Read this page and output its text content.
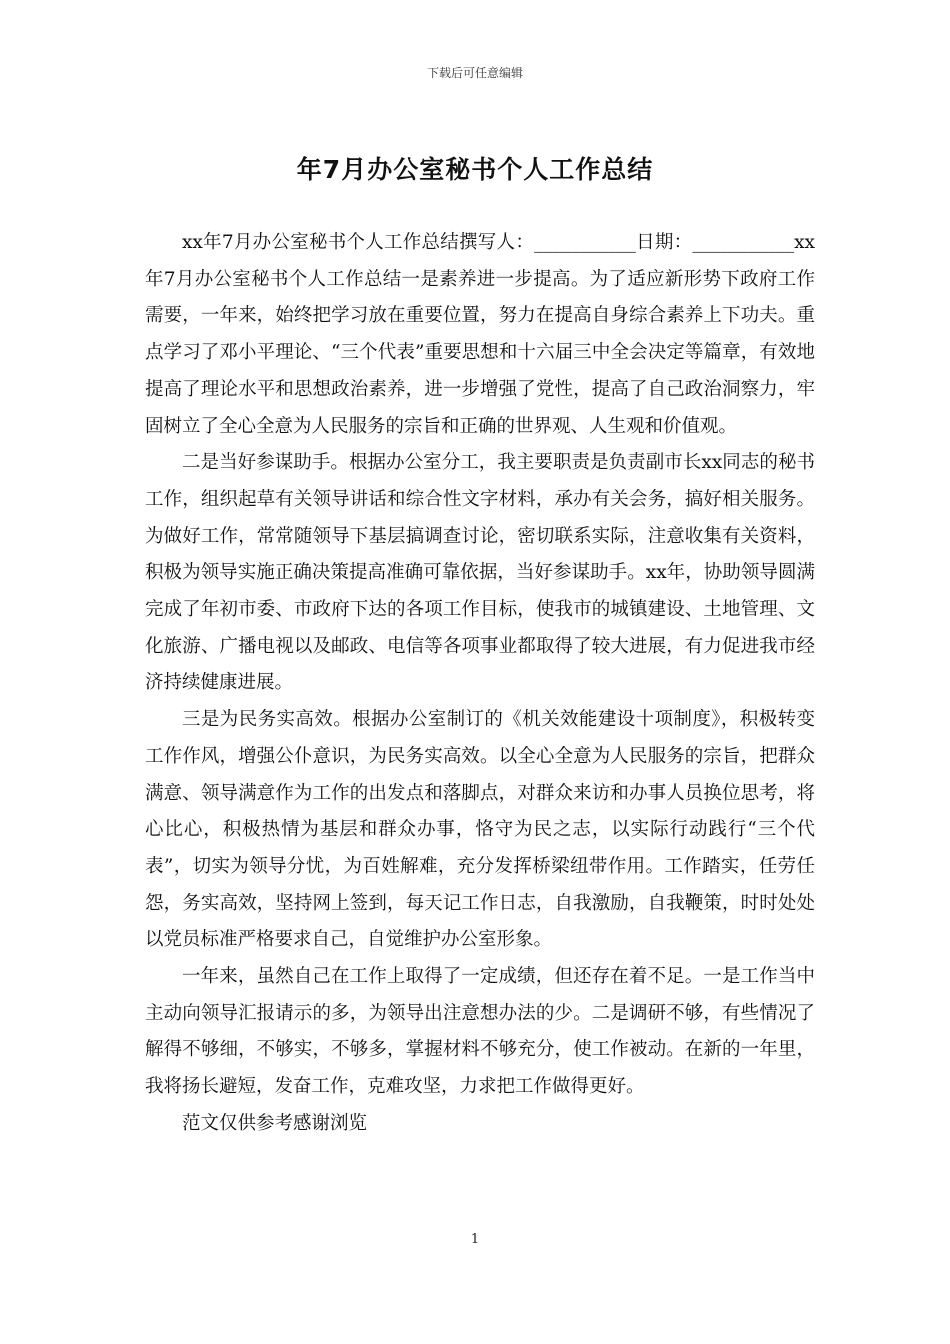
下载后可任意编辑
年7月办公室秘书个人工作总结

xx年7月办公室秘书个人工作总结撰写人：___________日期：___________xx年7月办公室秘书个人工作总结一是素养进一步提高。为了适应新形势下政府工作需要，一年来，始终把学习放在重要位置，努力在提高自身综合素养上下功夫。重点学习了邓小平理论、“三个代表”重要思想和十六届三中全会决定等篇章，有效地提高了理论水平和思想政治素养，进一步增强了党性，提高了自己政治洞察力，牢固树立了全心全意为人民服务的宗旨和正确的世界观、人生观和价值观。

二是当好参谋助手。根据办公室分工，我主要职责是负责副市长xx同志的秘书工作，组织起草有关领导讲话和综合性文字材料，承办有关会务，搞好相关服务。为做好工作，常常随领导下基层搞调查讨论，密切联系实际，注意收集有关资料，积极为领导实施正确决策提高准确可靠依据，当好参谋助手。xx年，协助领导圆满完成了年初市委、市政府下达的各项工作目标，使我市的城镇建设、土地管理、文化旅游、广播电视以及邮政、电信等各项事业都取得了较大进展，有力促进我市经济持续健康进展。

三是为民务实高效。根据办公室制订的《机关效能建设十项制度》，积极转变工作作风，增强公仆意识，为民务实高效。以全心全意为人民服务的宗旨，把群众满意、领导满意作为工作的出发点和落脚点，对群众来访和办事人员换位思考，将心比心，积极热情为基层和群众办事，恪守为民之志，以实际行动践行“三个代表”，切实为领导分忧，为百姓解难，充分发挥桥梁纽带作用。工作踏实，任劳任怨，务实高效，坚持网上签到，每天记工作日志，自我激励，自我鞭策，时时处处以党员标准严格要求自己，自觉维护办公室形象。

一年来，虽然自己在工作上取得了一定成绩，但还存在着不足。一是工作当中主动向领导汇报请示的多，为领导出注意想办法的少。二是调研不够，有些情况了解得不够细，不够实，不够多，掌握材料不够充分，使工作被动。在新的一年里，我将扬长避短，发奋工作，克难攻坚，力求把工作做得更好。

范文仅供参考感谢浏览

1
